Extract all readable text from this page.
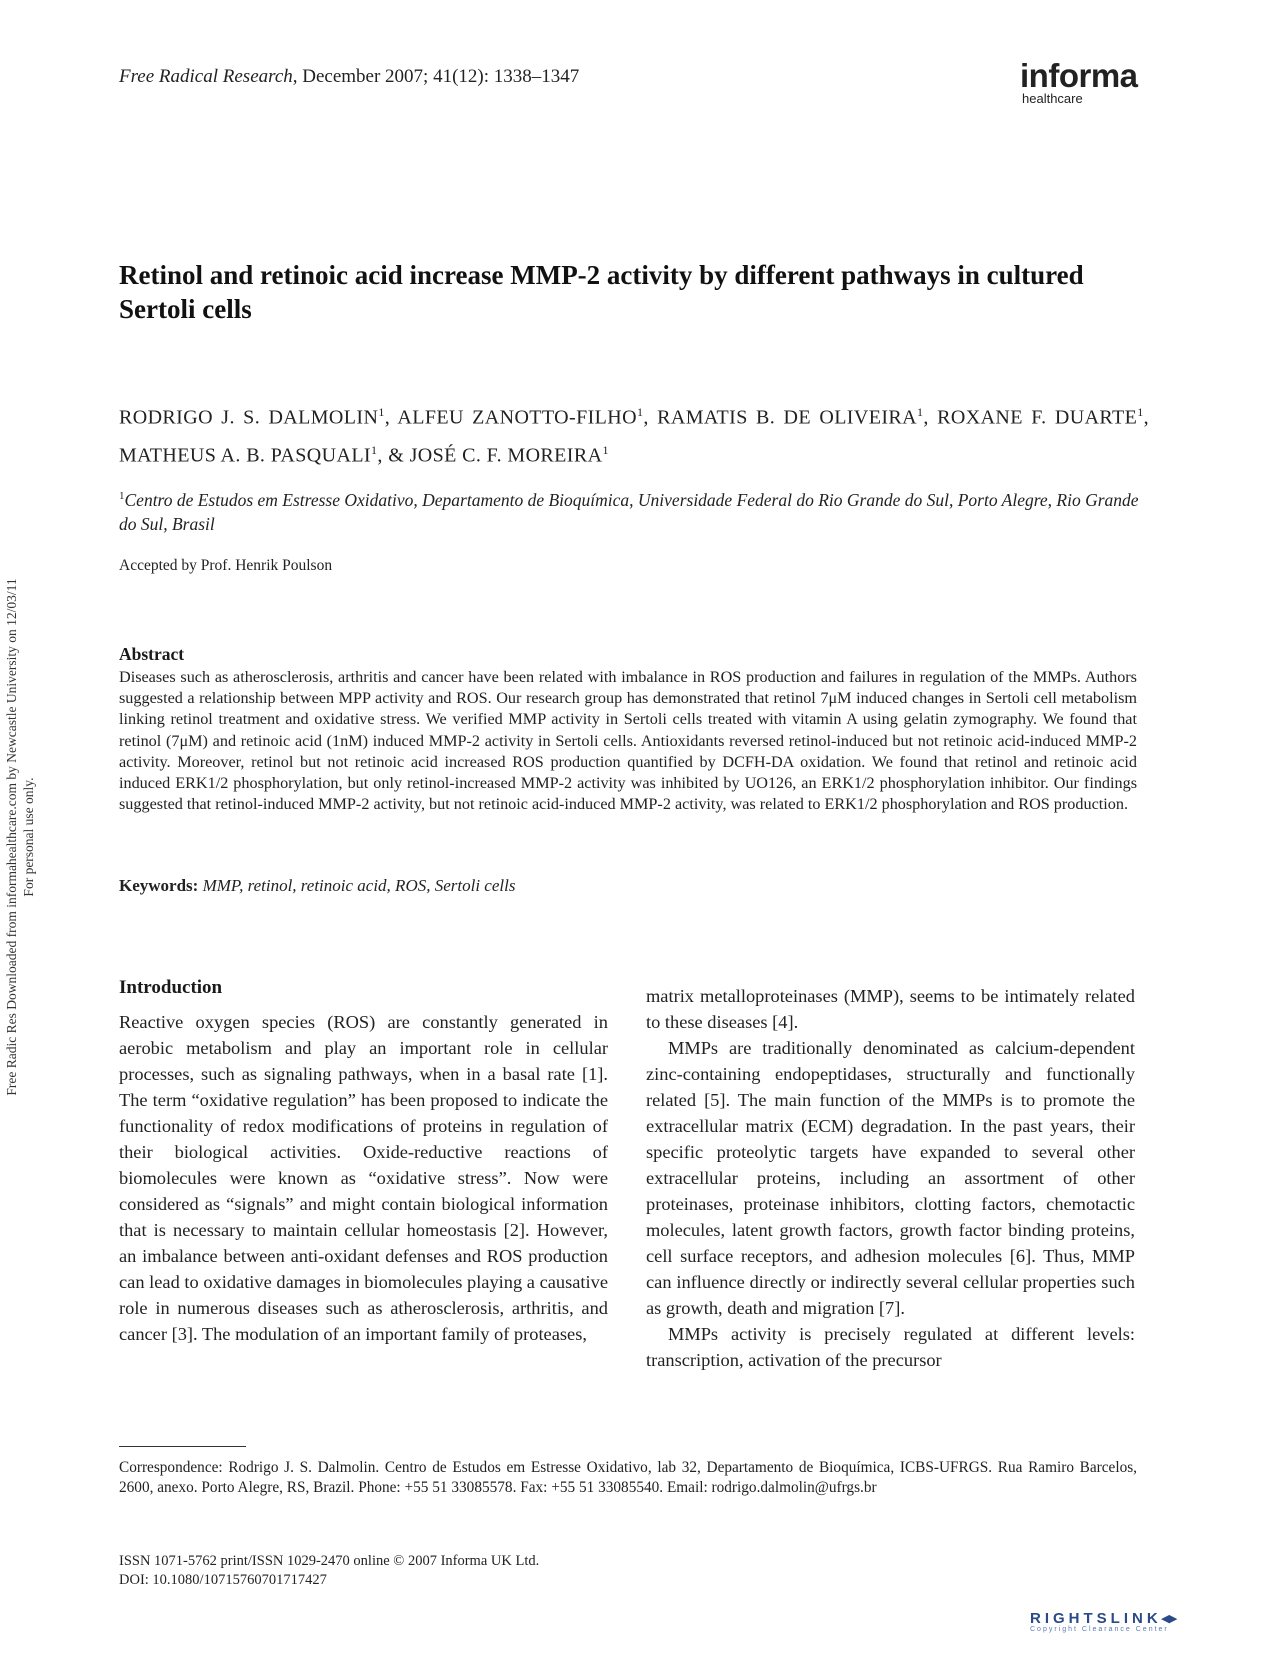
Free Radical Research, December 2007; 41(12): 1338–1347	informa
healthcare
Free Radic Res Downloaded from informahealthcare.com by Newcastle University on 12/03/11 For personal use only.
Retinol and retinoic acid increase MMP-2 activity by different pathways in cultured Sertoli cells
RODRIGO J. S. DALMOLIN$^1$, ALFEU ZANOTTO-FILHO$^1$, RAMATIS B. DE OLIVEIRA$^1$, ROXANE F. DUARTE$^1$, MATHEUS A. B. PASQUALI$^1$, & JOSÉ C. F. MOREIRA$^1$
$^1$Centro de Estudos em Estresse Oxidativo, Departamento de Bioquímica, Universidade Federal do Rio Grande do Sul, Porto Alegre, Rio Grande do Sul, Brasil
Accepted by Prof. Henrik Poulson
Abstract
Diseases such as atherosclerosis, arthritis and cancer have been related with imbalance in ROS production and failures in regulation of the MMPs. Authors suggested a relationship between MPP activity and ROS. Our research group has demonstrated that retinol 7μM induced changes in Sertoli cell metabolism linking retinol treatment and oxidative stress. We verified MMP activity in Sertoli cells treated with vitamin A using gelatin zymography. We found that retinol (7μM) and retinoic acid (1nM) induced MMP-2 activity in Sertoli cells. Antioxidants reversed retinol-induced but not retinoic acid-induced MMP-2 activity. Moreover, retinol but not retinoic acid increased ROS production quantified by DCFH-DA oxidation. We found that retinol and retinoic acid induced ERK1/2 phosphorylation, but only retinol-increased MMP-2 activity was inhibited by UO126, an ERK1/2 phosphorylation inhibitor. Our findings suggested that retinol-induced MMP-2 activity, but not retinoic acid-induced MMP-2 activity, was related to ERK1/2 phosphorylation and ROS production.
Keywords: MMP, retinol, retinoic acid, ROS, Sertoli cells
Introduction

Reactive oxygen species (ROS) are constantly generated in aerobic metabolism and play an important role in cellular processes, such as signaling pathways, when in a basal rate [1]. The term “oxidative regulation” has been proposed to indicate the functionality of redox modifications of proteins in regulation of their biological activities. Oxide-reductive reactions of biomolecules were known as “oxidative stress”. Now were considered as “signals” and might contain biological information that is necessary to maintain cellular homeostasis [2]. However, an imbalance between anti-oxidant defenses and ROS production can lead to oxidative damages in biomolecules playing a causative role in numerous diseases such as atherosclerosis, arthritis, and cancer [3]. The modulation of an important family of proteases,

matrix metalloproteinases (MMP), seems to be intimately related to these diseases [4].

MMPs are traditionally denominated as calcium-dependent zinc-containing endopeptidases, structurally and functionally related [5]. The main function of the MMPs is to promote the extracellular matrix (ECM) degradation. In the past years, their specific proteolytic targets have expanded to several other extracellular proteins, including an assortment of other proteinases, proteinase inhibitors, clotting factors, chemotactic molecules, latent growth factors, growth factor binding proteins, cell surface receptors, and adhesion molecules [6]. Thus, MMP can influence directly or indirectly several cellular properties such as growth, death and migration [7].

MMPs activity is precisely regulated at different levels: transcription, activation of the precursor

Correspondence: Rodrigo J. S. Dalmolin. Centro de Estudos em Estresse Oxidativo, lab 32, Departamento de Bioquímica, ICBS-UFRGS. Rua Ramiro Barcelos, 2600, anexo. Porto Alegre, RS, Brazil. Phone: +55 51 33085578. Fax: +55 51 33085540. Email: rodrigo.dalmolin@ufrgs.br
ISSN 1071-5762 print/ISSN 1029-2470 online © 2007 Informa UK Ltd.
DOI: 10.1080/10715760701717427
RIGHTSLINK◂▸
Copyright Clearance Center
